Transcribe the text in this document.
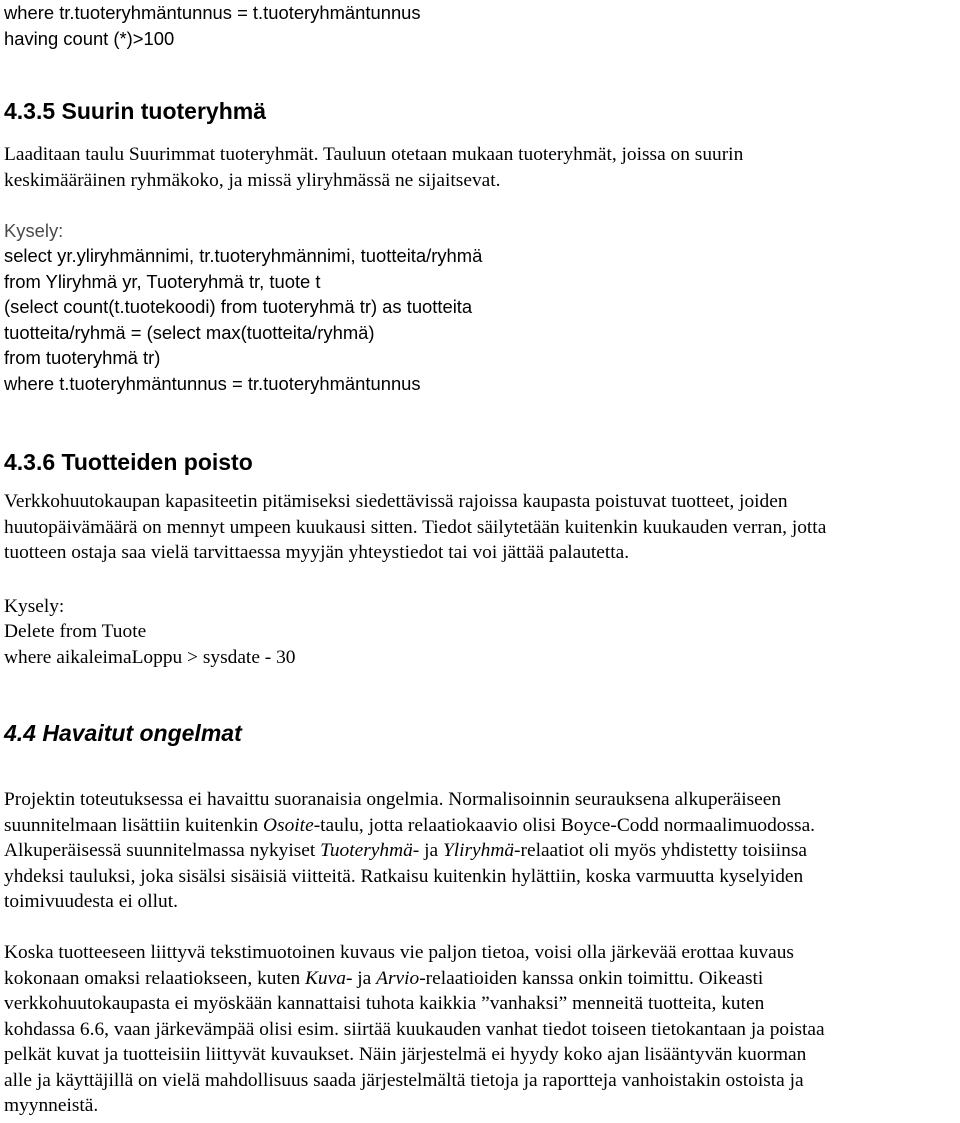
where tr.tuoteryhmäntunnus = t.tuoteryhmäntunnus
having count (*)>100
4.3.5 Suurin tuoteryhmä
Laaditaan taulu Suurimmat tuoteryhmät. Tauluun otetaan mukaan tuoteryhmät, joissa on suurin
keskimääräinen ryhmäkoko, ja missä yliryhmässä ne sijaitsevat.
Kysely:
select yr.yliryhmännimi, tr.tuoteryhmännimi, tuotteita/ryhmä
from Yliryhmä yr, Tuoteryhmä tr, tuote t
(select count(t.tuotekoodi) from tuoteryhmä tr) as tuotteita
tuotteita/ryhmä = (select max(tuotteita/ryhmä)
from tuoteryhmä tr)
where t.tuoteryhmäntunnus = tr.tuoteryhmäntunnus
4.3.6 Tuotteiden poisto
Verkkohuutokaupan kapasiteetin pitämiseksi siedettävissä rajoissa kaupasta poistuvat tuotteet, joiden
huutopäivämäärä on mennyt umpeen kuukausi sitten. Tiedot säilytetään kuitenkin kuukauden verran, jotta
tuotteen ostaja saa vielä tarvittaessa myyjän yhteystiedot tai voi jättää palautetta.
Kysely:
Delete from Tuote
where aikaleimaLoppu > sysdate - 30
4.4 Havaitut ongelmat
Projektin toteutuksessa ei havaittu suoranaisia ongelmia. Normalisoinnin seurauksena alkuperäiseen
suunnitelmaan lisättiin kuitenkin Osoite-taulu, jotta relaatiokaavio olisi Boyce-Codd normaalimuodossa.
Alkuperäisessä suunnitelmassa nykyiset Tuoteryhmä- ja Yliryhmä-relaatiot oli myös yhdistetty toisiinsa
yhdeksi tauluksi, joka sisälsi sisäisiä viitteitä. Ratkaisu kuitenkin hylättiin, koska varmuutta kyselyiden
toimivuudesta ei ollut.
Koska tuotteeseen liittyvä tekstimuotoinen kuvaus vie paljon tietoa, voisi olla järkevää erottaa kuvaus
kokonaan omaksi relaatiokseen, kuten Kuva- ja Arvio-relaatioiden kanssa onkin toimittu. Oikeasti
verkkohuutokaupasta ei myöskään kannattaisi tuhota kaikkia ”vanhaksi” menneitä tuotteita, kuten
kohdassa 6.6, vaan järkevämpää olisi esim. siirtää kuukauden vanhat tiedot toiseen tietokantaan ja poistaa
pelkät kuvat ja tuotteisiin liittyvät kuvaukset. Näin järjestelmä ei hyydy koko ajan lisääntyvän kuorman
alle ja käyttäjillä on vielä mahdollisuus saada järjestelmältä tietoja ja raportteja vanhoistakin ostoista ja
myynneistä.
